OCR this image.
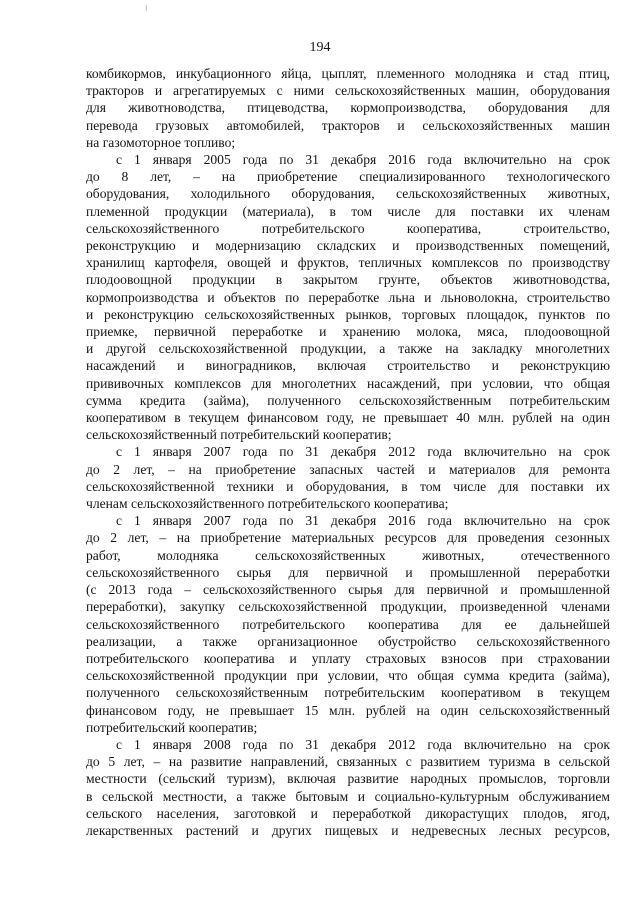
194
комбикормов, инкубационного яйца, цыплят, племенного молодняка и стад птиц,
тракторов и агрегатируемых с ними сельскохозяйственных машин, оборудования
для животноводства, птицеводства, кормопроизводства, оборудования для
перевода грузовых автомобилей, тракторов и сельскохозяйственных машин
на газомоторное топливо;
с 1 января 2005 года по 31 декабря 2016 года включительно на срок
до 8 лет, – на приобретение специализированного технологического
оборудования, холодильного оборудования, сельскохозяйственных животных,
племенной продукции (материала), в том числе для поставки их членам
сельскохозяйственного потребительского кооператива, строительство,
реконструкцию и модернизацию складских и производственных помещений,
хранилищ картофеля, овощей и фруктов, тепличных комплексов по производству
плодоовощной продукции в закрытом грунте, объектов животноводства,
кормопроизводства и объектов по переработке льна и льноволокна, строительство
и реконструкцию сельскохозяйственных рынков, торговых площадок, пунктов по
приемке, первичной переработке и хранению молока, мяса, плодоовощной
и другой сельскохозяйственной продукции, а также на закладку многолетних
насаждений и виноградников, включая строительство и реконструкцию
прививочных комплексов для многолетних насаждений, при условии, что общая
сумма кредита (займа), полученного сельскохозяйственным потребительским
кооперативом в текущем финансовом году, не превышает 40 млн. рублей на один
сельскохозяйственный потребительский кооператив;
с 1 января 2007 года по 31 декабря 2012 года включительно на срок
до 2 лет, – на приобретение запасных частей и материалов для ремонта
сельскохозяйственной техники и оборудования, в том числе для поставки их
членам сельскохозяйственного потребительского кооператива;
с 1 января 2007 года по 31 декабря 2016 года включительно на срок
до 2 лет, – на приобретение материальных ресурсов для проведения сезонных
работ, молодняка сельскохозяйственных животных, отечественного
сельскохозяйственного сырья для первичной и промышленной переработки
(с 2013 года – сельскохозяйственного сырья для первичной и промышленной
переработки), закупку сельскохозяйственной продукции, произведенной членами
сельскохозяйственного потребительского кооператива для ее дальнейшей
реализации, а также организационное обустройство сельскохозяйственного
потребительского кооператива и уплату страховых взносов при страховании
сельскохозяйственной продукции при условии, что общая сумма кредита (займа),
полученного сельскохозяйственным потребительским кооперативом в текущем
финансовом году, не превышает 15 млн. рублей на один сельскохозяйственный
потребительский кооператив;
с 1 января 2008 года по 31 декабря 2012 года включительно на срок
до 5 лет, – на развитие направлений, связанных с развитием туризма в сельской
местности (сельский туризм), включая развитие народных промыслов, торговли
в сельской местности, а также бытовым и социально-культурным обслуживанием
сельского населения, заготовкой и переработкой дикорастущих плодов, ягод,
лекарственных растений и других пищевых и недревесных лесных ресурсов,
